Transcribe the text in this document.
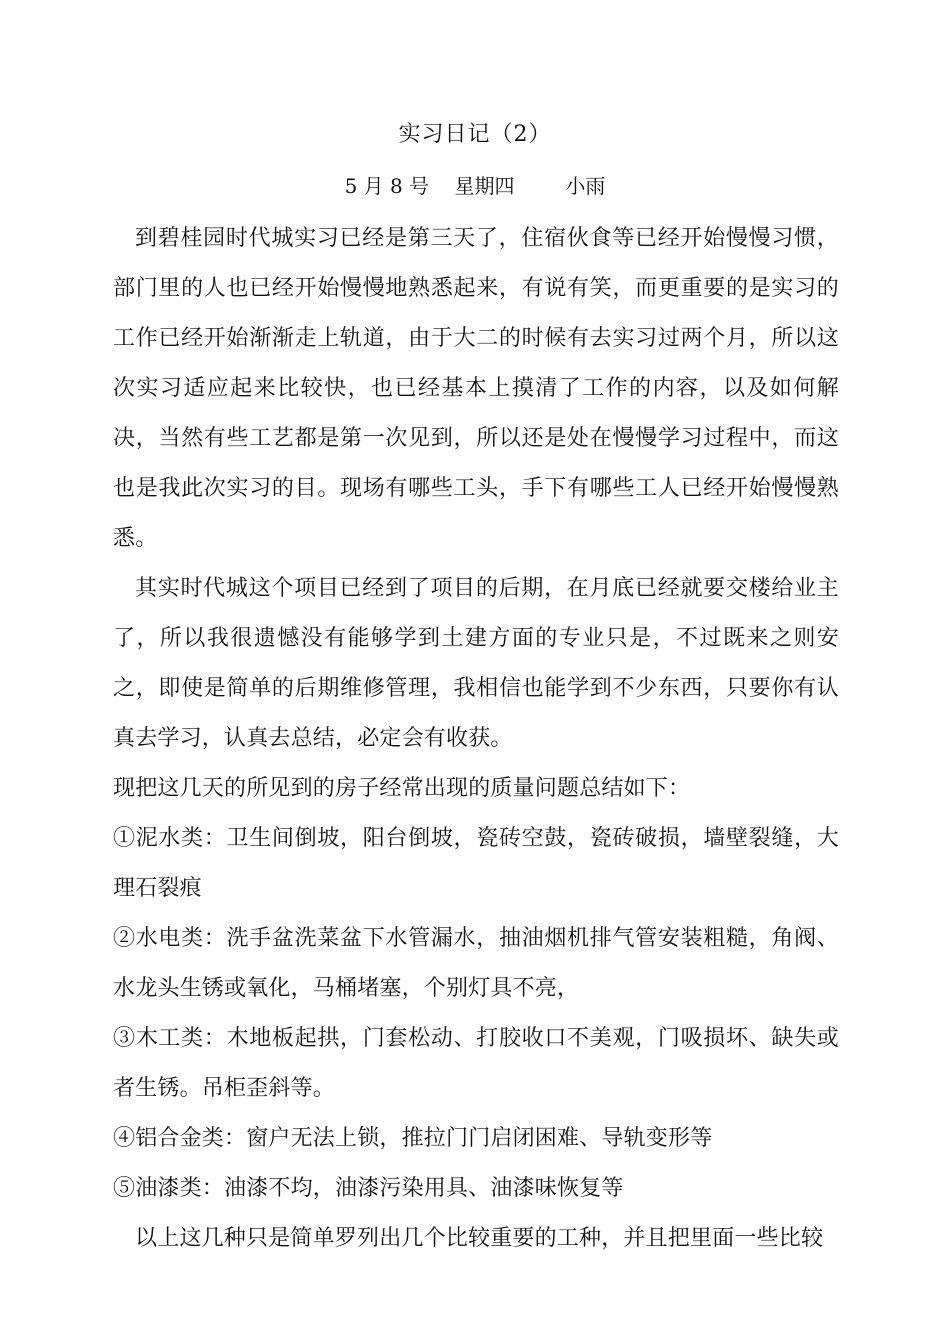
实习日记（2）
5 月 8 号    星期四        小雨

到碧桂园时代城实习已经是第三天了，住宿伙食等已经开始慢慢习惯，部门里的人也已经开始慢慢地熟悉起来，有说有笑，而更重要的是实习的工作已经开始渐渐走上轨道，由于大二的时候有去实习过两个月，所以这次实习适应起来比较快，也已经基本上摸清了工作的内容，以及如何解决，当然有些工艺都是第一次见到，所以还是处在慢慢学习过程中，而这也是我此次实习的目。现场有哪些工头，手下有哪些工人已经开始慢慢熟悉。

其实时代城这个项目已经到了项目的后期，在月底已经就要交楼给业主了，所以我很遗憾没有能够学到土建方面的专业只是，不过既来之则安之，即使是简单的后期维修管理，我相信也能学到不少东西，只要你有认真去学习，认真去总结，必定会有收获。

现把这几天的所见到的房子经常出现的质量问题总结如下：

①泥水类：卫生间倒坡，阳台倒坡，瓷砖空鼓，瓷砖破损，墙壁裂缝，大理石裂痕

②水电类：洗手盆洗菜盆下水管漏水，抽油烟机排气管安装粗糙，角阀、水龙头生锈或氧化，马桶堵塞，个别灯具不亮，

③木工类：木地板起拱，门套松动、打胶收口不美观，门吸损坏、缺失或者生锈。吊柜歪斜等。

④铝合金类：窗户无法上锁，推拉门门启闭困难、导轨变形等

⑤油漆类：油漆不均，油漆污染用具、油漆味恢复等

以上这几种只是简单罗列出几个比较重要的工种，并且把里面一些比较
